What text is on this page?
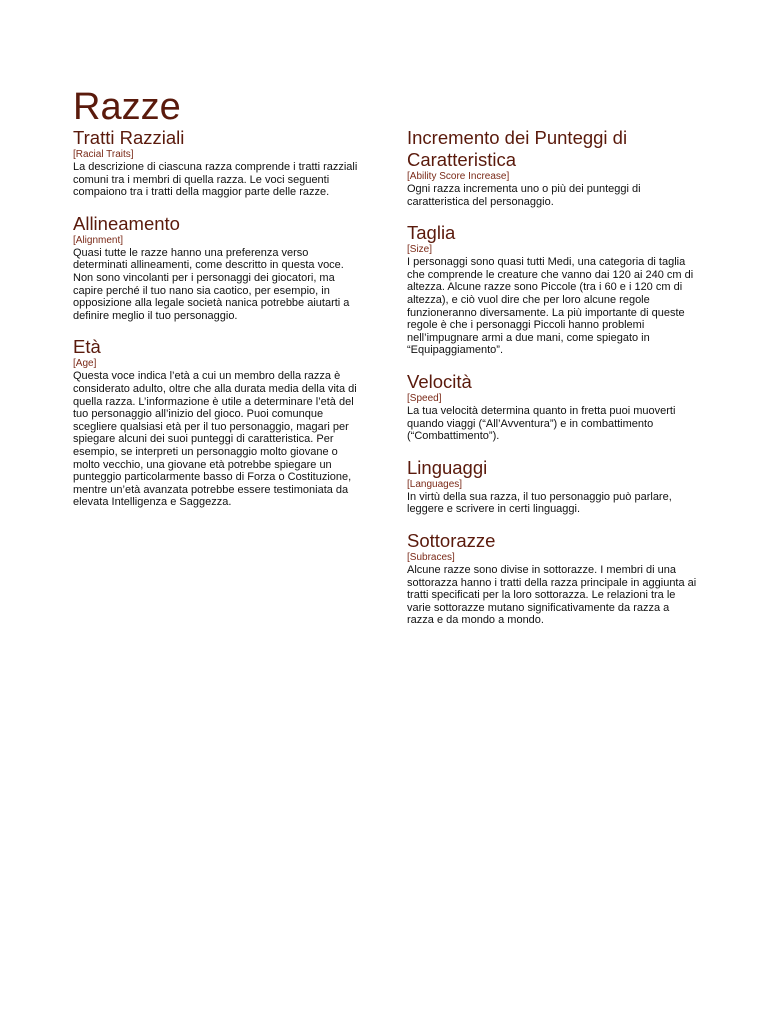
Razze
Tratti Razziali
[Racial Traits]

La descrizione di ciascuna razza comprende i tratti razziali comuni tra i membri di quella razza. Le voci seguenti compaiono tra i tratti della maggior parte delle razze.

Allineamento
[Alignment]

Quasi tutte le razze hanno una preferenza verso determinati allineamenti, come descritto in questa voce. Non sono vincolanti per i personaggi dei giocatori, ma capire perché il tuo nano sia caotico, per esempio, in opposizione alla legale società nanica potrebbe aiutarti a definire meglio il tuo personaggio.

Età
[Age]

Questa voce indica l’età a cui un membro della razza è considerato adulto, oltre che alla durata media della vita di quella razza. L’informazione è utile a determinare l’età del tuo personaggio all’inizio del gioco. Puoi comunque scegliere qualsiasi età per il tuo personaggio, magari per spiegare alcuni dei suoi punteggi di caratteristica. Per esempio, se interpreti un personaggio molto giovane o molto vecchio, una giovane età potrebbe spiegare un punteggio particolarmente basso di Forza o Costituzione, mentre un’età avanzata potrebbe essere testimoniata da elevata Intelligenza e Saggezza.

Incremento dei Punteggi di Caratteristica
[Ability Score Increase]

Ogni razza incrementa uno o più dei punteggi di caratteristica del personaggio.

Taglia
[Size]

I personaggi sono quasi tutti Medi, una categoria di taglia che comprende le creature che vanno dai 120 ai 240 cm di altezza. Alcune razze sono Piccole (tra i 60 e i 120 cm di altezza), e ciò vuol dire che per loro alcune regole funzioneranno diversamente. La più importante di queste regole è che i personaggi Piccoli hanno problemi nell’impugnare armi a due mani, come spiegato in “Equipaggiamento”.

Velocità
[Speed]

La tua velocità determina quanto in fretta puoi muoverti quando viaggi (“All’Avventura”) e in combattimento (“Combattimento”).

Linguaggi
[Languages]

In virtù della sua razza, il tuo personaggio può parlare, leggere e scrivere in certi linguaggi.

Sottorazze
[Subraces]

Alcune razze sono divise in sottorazze. I membri di una sottorazza hanno i tratti della razza principale in aggiunta ai tratti specificati per la loro sottorazza. Le relazioni tra le varie sottorazze mutano significativamente da razza a razza e da mondo a mondo.
